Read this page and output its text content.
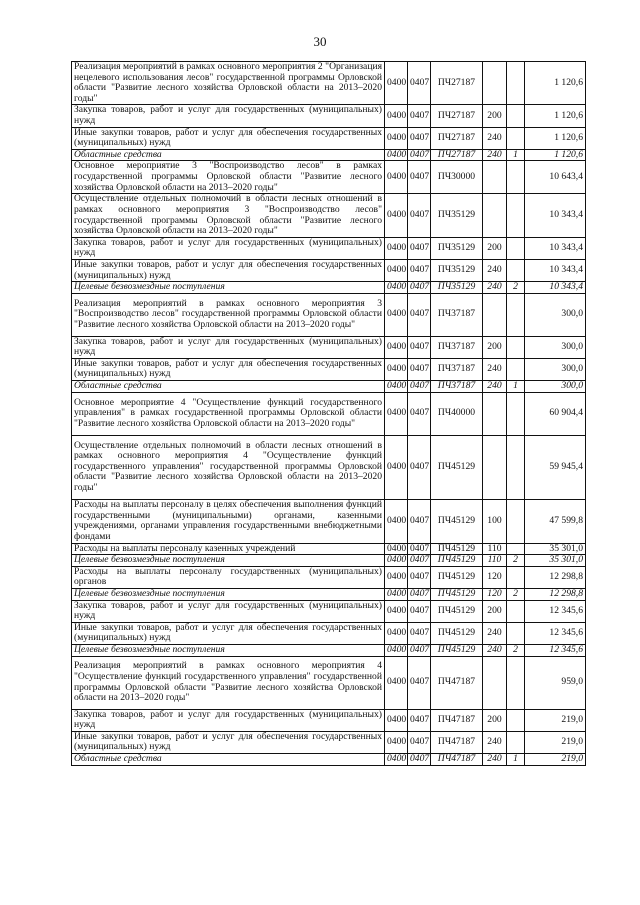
30
Реализация мероприятий в рамках основного мероприятия 2 "Организация нецелевого использования лесов" государственной программы Орловской области "Развитие лесного хозяйства Орловской области на 2013–2020 годы"	0400	0407	ПЧ27187			1 120,6
Закупка товаров, работ и услуг для государственных (муниципальных) нужд	0400	0407	ПЧ27187	200		1 120,6
Иные закупки товаров, работ и услуг для обеспечения государственных (муниципальных) нужд	0400	0407	ПЧ27187	240		1 120,6
Областные средства	0400	0407	ПЧ27187	240	1	1 120,6
Основное мероприятие 3 "Воспроизводство лесов" в рамках государственной программы Орловской области "Развитие лесного хозяйства Орловской области на 2013–2020 годы"	0400	0407	ПЧ30000			10 643,4
Осуществление отдельных полномочий в области лесных отношений в рамках основного мероприятия 3 "Воспроизводство лесов" государственной программы Орловской области "Развитие лесного хозяйства Орловской области на 2013–2020 годы"	0400	0407	ПЧ35129			10 343,4
Закупка товаров, работ и услуг для государственных (муниципальных) нужд	0400	0407	ПЧ35129	200		10 343,4
Иные закупки товаров, работ и услуг для обеспечения государственных (муниципальных) нужд	0400	0407	ПЧ35129	240		10 343,4
Целевые безвозмездные поступления	0400	0407	ПЧ35129	240	2	10 343,4
Реализация мероприятий в рамках основного мероприятия 3 "Воспроизводство лесов" государственной программы Орловской области "Развитие лесного хозяйства Орловской области на 2013–2020 годы"	0400	0407	ПЧ37187			300,0
Закупка товаров, работ и услуг для государственных (муниципальных) нужд	0400	0407	ПЧ37187	200		300,0
Иные закупки товаров, работ и услуг для обеспечения государственных (муниципальных) нужд	0400	0407	ПЧ37187	240		300,0
Областные средства	0400	0407	ПЧ37187	240	1	300,0
Основное мероприятие 4 "Осуществление функций государственного управления" в рамках государственной программы Орловской области "Развитие лесного хозяйства Орловской области на 2013–2020 годы"	0400	0407	ПЧ40000			60 904,4
Осуществление отдельных полномочий в области лесных отношений в рамках основного мероприятия 4 "Осуществление функций государственного управления" государственной программы Орловской области "Развитие лесного хозяйства Орловской области на 2013–2020 годы"	0400	0407	ПЧ45129			59 945,4
Расходы на выплаты персоналу в целях обеспечения выполнения функций государственными (муниципальными) органами, казенными учреждениями, органами управления государственными внебюджетными фондами	0400	0407	ПЧ45129	100		47 599,8
Расходы на выплаты персоналу казенных учреждений	0400	0407	ПЧ45129	110		35 301,0
Целевые безвозмездные поступления	0400	0407	ПЧ45129	110	2	35 301,0
Расходы на выплаты персоналу государственных (муниципальных) органов	0400	0407	ПЧ45129	120		12 298,8
Целевые безвозмездные поступления	0400	0407	ПЧ45129	120	2	12 298,8
Закупка товаров, работ и услуг для государственных (муниципальных) нужд	0400	0407	ПЧ45129	200		12 345,6
Иные закупки товаров, работ и услуг для обеспечения государственных (муниципальных) нужд	0400	0407	ПЧ45129	240		12 345,6
Целевые безвозмездные поступления	0400	0407	ПЧ45129	240	2	12 345,6
Реализация мероприятий в рамках основного мероприятия 4 "Осуществление функций государственного управления" государственной программы Орловской области "Развитие лесного хозяйства Орловской области на 2013–2020 годы"	0400	0407	ПЧ47187			959,0
Закупка товаров, работ и услуг для государственных (муниципальных) нужд	0400	0407	ПЧ47187	200		219,0
Иные закупки товаров, работ и услуг для обеспечения государственных (муниципальных) нужд	0400	0407	ПЧ47187	240		219,0
Областные средства	0400	0407	ПЧ47187	240	1	219,0
